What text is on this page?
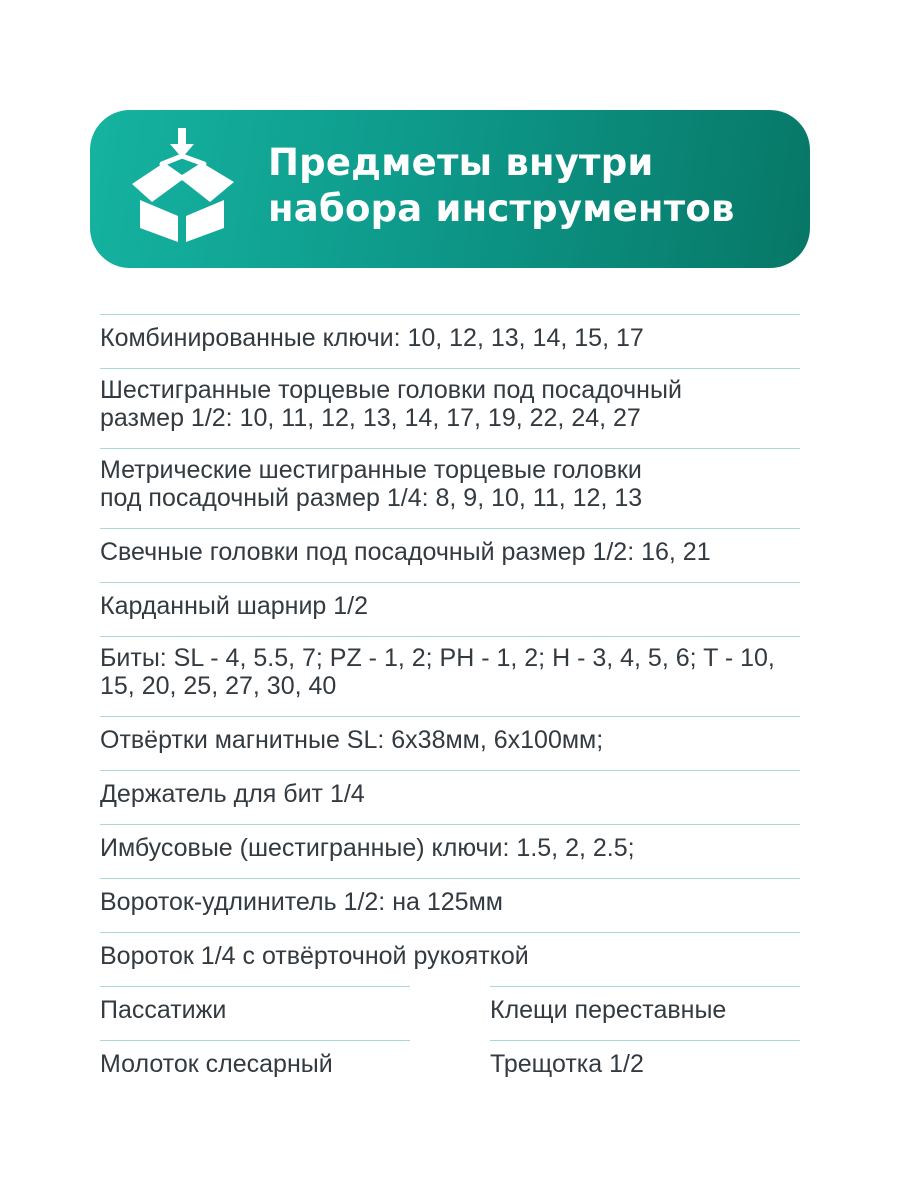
Предметы внутри
набора инструментов
Комбинированные ключи: 10, 12, 13, 14, 15, 17
Шестигранные торцевые головки под посадочный
размер 1/2: 10, 11, 12, 13, 14, 17, 19, 22, 24, 27
Метрические шестигранные торцевые головки
под посадочный размер 1/4: 8, 9, 10, 11, 12, 13
Свечные головки под посадочный размер 1/2: 16, 21
Карданный шарнир 1/2
Биты: SL - 4, 5.5, 7; PZ - 1, 2; PH - 1, 2; H - 3, 4, 5, 6; T - 10,
15, 20, 25, 27, 30, 40
Отвёртки магнитные SL: 6x38мм, 6x100мм;
Держатель для бит 1/4
Имбусовые (шестигранные) ключи: 1.5, 2, 2.5;
Вороток-удлинитель 1/2: на 125мм
Вороток 1/4 с отвёрточной рукояткой
Пассатижи	Клещи переставные
Молоток слесарный	Трещотка 1/2
